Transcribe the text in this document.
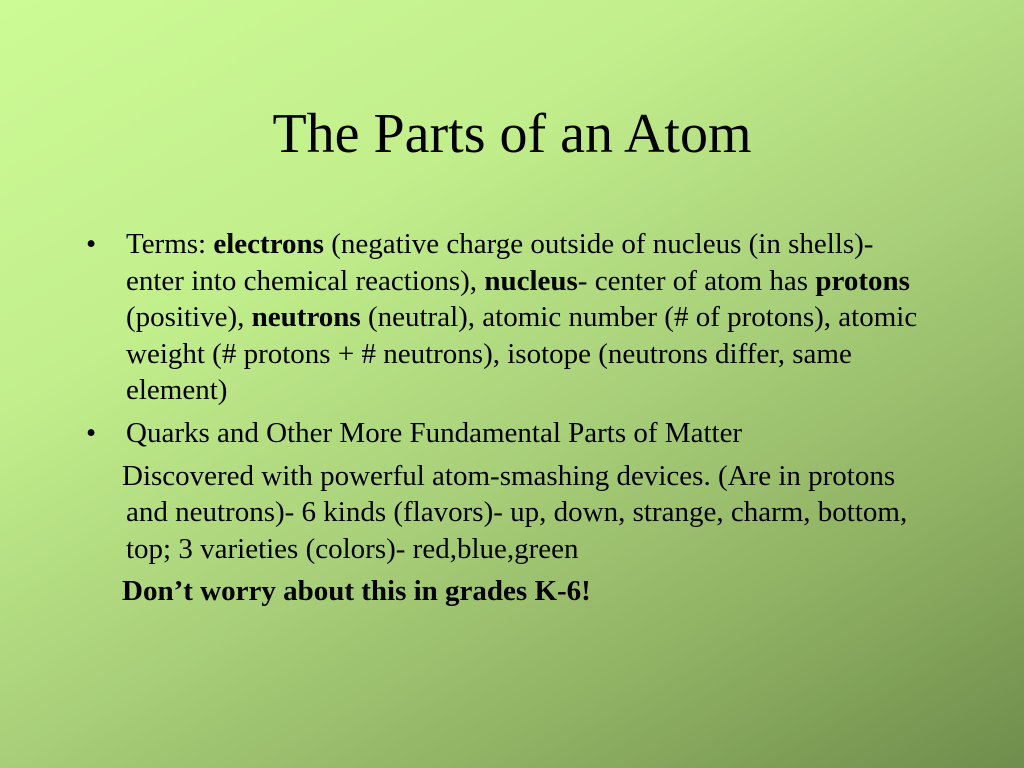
The Parts of an Atom
•	Terms: electrons (negative charge outside of nucleus (in shells)- enter into chemical reactions), nucleus- center of atom has protons (positive), neutrons (neutral), atomic number (# of protons), atomic weight (# protons + # neutrons), isotope (neutrons differ, same element)
•	Quarks and Other More Fundamental Parts of Matter
Discovered with powerful atom-smashing devices. (Are in protons and neutrons)- 6 kinds (flavors)- up, down, strange, charm, bottom, top; 3 varieties (colors)- red,blue,green
Don’t worry about this in grades K-6!
